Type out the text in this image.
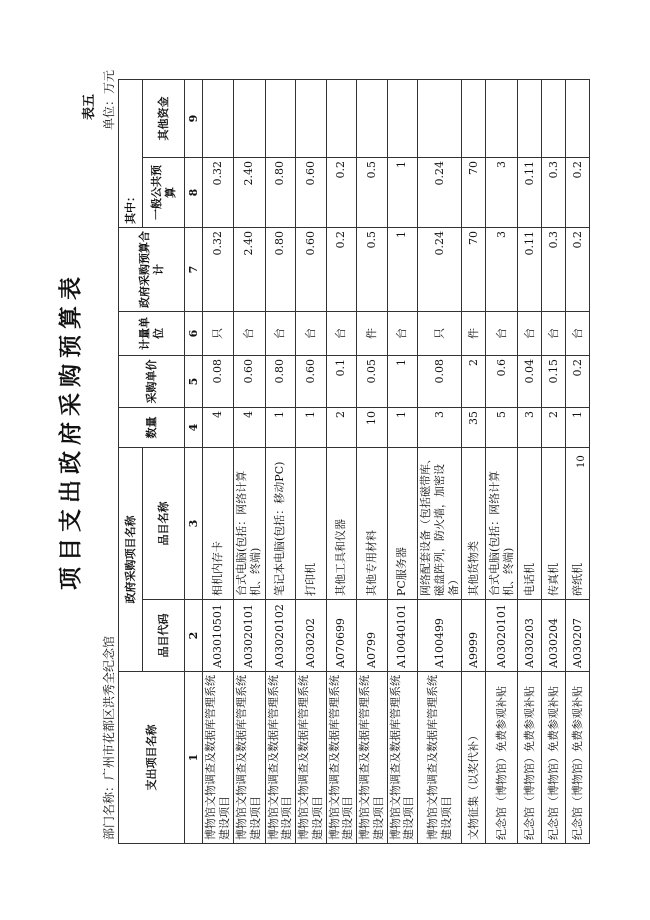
部门名称：广州市花都区洪秀全纪念馆
项目支出政府采购预算表
表五 单位：万元
支出项目名称	政府采购项目名称		数量	采购单价	计量单位	政府采购预算合计	其中：	
	品目代码	品目名称					一般公共预算	其他资金

1	2	3	4	5	6	7	8	9
博物馆文物调查及数据库管理系统建设项目	A03010501	相机内存卡	4	0.08	只	0.32	0.32	
博物馆文物调查及数据库管理系统建设项目	A03020101	台式电脑(包括：网络计算机、终端)	4	0.60	台	2.40	2.40	
博物馆文物调查及数据库管理系统建设项目	A03020102	笔记本电脑(包括：移动PC)	1	0.80	台	0.80	0.80	
博物馆文物调查及数据库管理系统建设项目	A030202	打印机	1	0.60	台	0.60	0.60	
博物馆文物调查及数据库管理系统建设项目	A070699	其他工具和仪器	2	0.1	台	0.2	0.2	
博物馆文物调查及数据库管理系统建设项目	A0799	其他专用材料	10	0.05	件	0.5	0.5	
博物馆文物调查及数据库管理系统建设项目	A10040101	PC服务器	1	1	台	1	1	
博物馆文物调查及数据库管理系统建设项目	A100499	网络配套设备（包括磁带库、磁盘阵列，防火墙，加密设备）	3	0.08	只	0.24	0.24	
文物征集（以奖代补）	A9999	其他货物类	35	2	件	70	70	
纪念馆（博物馆）免费参观补贴	A03020101	台式电脑(包括：网络计算机、终端)	5	0.6	台	3	3	
纪念馆（博物馆）免费参观补贴	A030203	电话机	3	0.04	台	0.11	0.11	
纪念馆（博物馆）免费参观补贴	A030204	传真机	2	0.15	台	0.3	0.3	
纪念馆（博物馆）免费参观补贴	A030207	碎纸机	1	0.2	台	0.2	0.2	
10
